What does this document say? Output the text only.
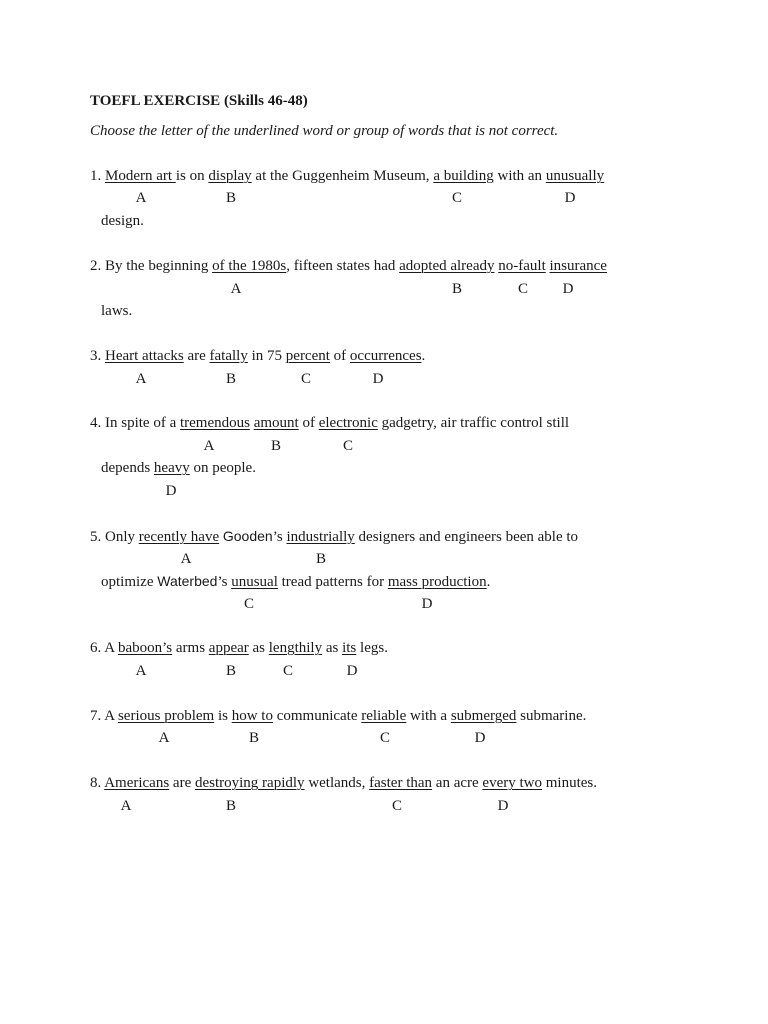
TOEFL EXERCISE (Skills 46-48)
Choose the letter of the underlined word or group of words that is not correct.
1. Modern art is on display at the Guggenheim Museum, a building with an unusually
A	B	C	D
design.
2. By the beginning of the 1980s, fifteen states had adopted already no-fault insurance
A	B	C D
laws.
3. Heart attacks are fatally in 75 percent of occurrences.
A	B	C	D
4. In spite of a tremendous amount of electronic gadgetry, air traffic control still
A	B	C
depends heavy on people.
D
5. Only recently have Gooden’s industrially designers and engineers been able to
A	B
optimize Waterbed’s unusual tread patterns for mass production.
C	D
6. A baboon’s arms appear as lengthily as its legs.
A	B	C	D
7. A serious problem is how to communicate reliable with a submerged submarine.
A	B	C	D
8. Americans are destroying rapidly wetlands, faster than an acre every two minutes.
A	B	C	D
